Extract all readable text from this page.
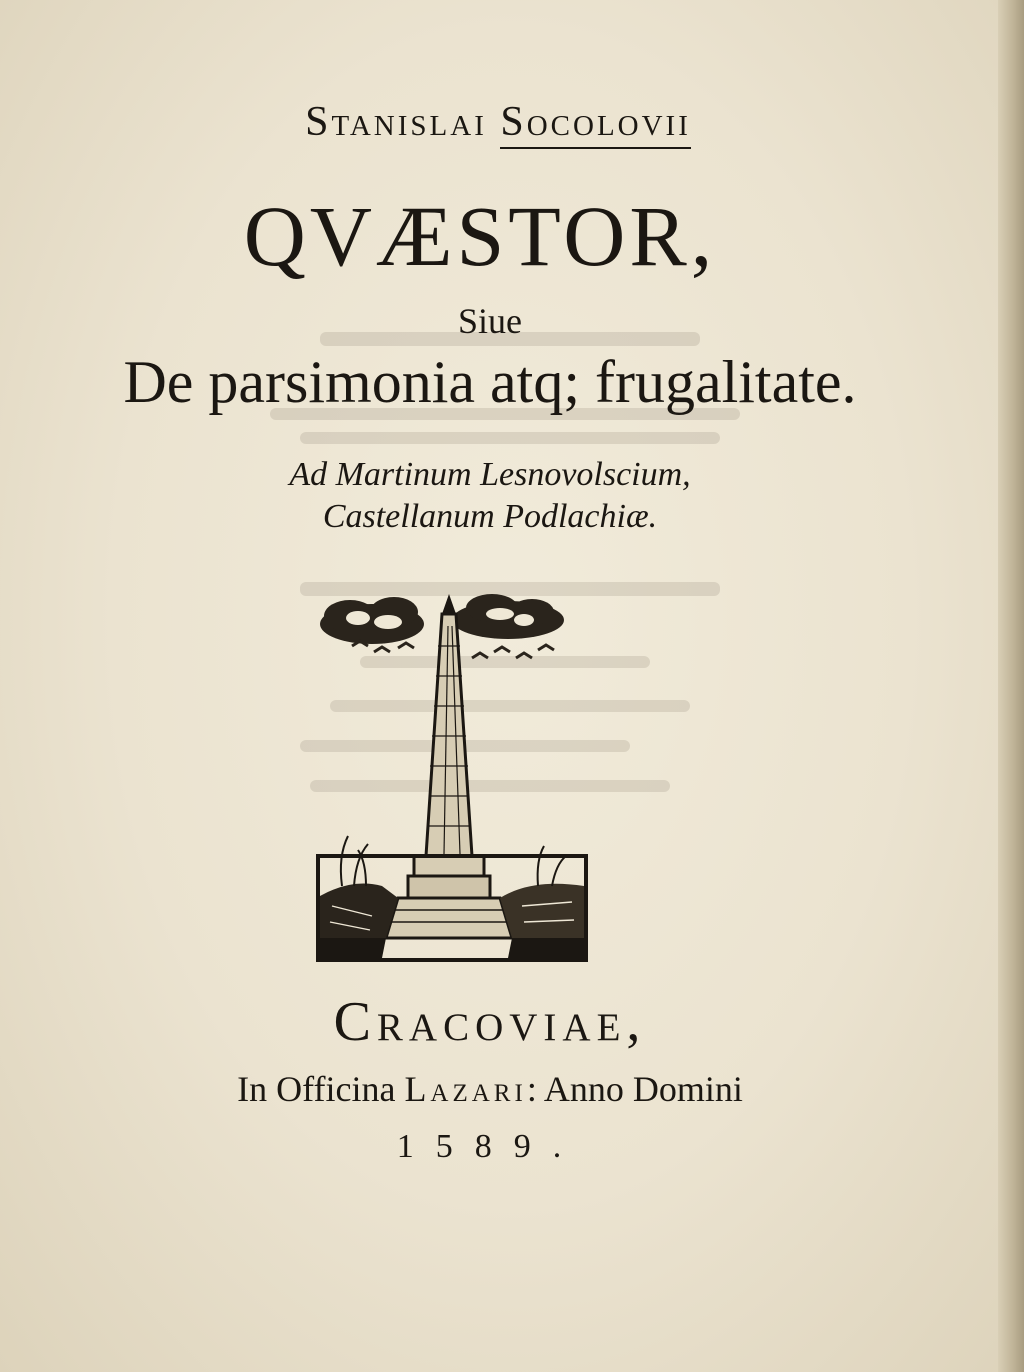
Stanislai Socolovii
QVÆSTOR,
Siue
De parsimonia atq; frugalitate.
Ad Martinum Lesnovolscium,
Castellanum Podlachiæ.
Cracoviae,
In Officina Lazari: Anno Domini
1589.
